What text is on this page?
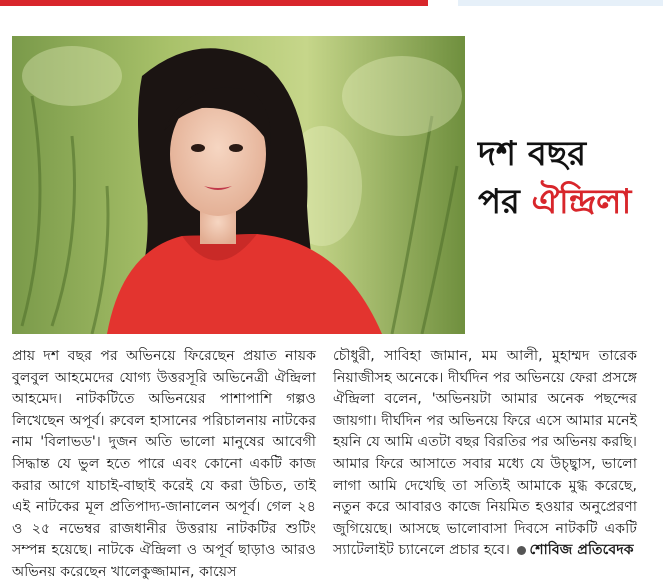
দশ বছর
পর ঐন্দ্রিলা
প্রায় দশ বছর পর অভিনয়ে ফিরেছেন প্রয়াত নায়ক বুলবুল আহমেদের যোগ্য উত্তরসূরি অভিনেত্রী ঐন্দ্রিলা আহমেদ। নাটকটিতে অভিনয়ের পাশাপাশি গল্পও লিখেছেন অপূর্ব। রুবেল হাসানের পরিচালনায় নাটকের নাম 'বিলাভড'। দুজন অতি ভালো মানুষের আবেগী সিদ্ধান্ত যে ভুল হতে পারে এবং কোনো একটি কাজ করার আগে যাচাই-বাছাই করেই যে করা উচিত, তাই এই নাটকের মূল প্রতিপাদ্য-জানালেন অপূর্ব। গেল ২৪ ও ২৫ নভেম্বর রাজধানীর উত্তরায় নাটকটির শুটিং সম্পন্ন হয়েছে। নাটকে ঐন্দ্রিলা ও অপূর্ব ছাড়াও আরও অভিনয় করেছেন খালেকুজ্জামান, কায়েস
চৌধুরী, সাবিহা জামান, মম আলী, মুহাম্মদ তারেক নিয়াজীসহ অনেকে। দীর্ঘদিন পর অভিনয়ে ফেরা প্রসঙ্গে ঐন্দ্রিলা বলেন, 'অভিনয়টা আমার অনেক পছন্দের জায়গা। দীর্ঘদিন পর অভিনয়ে ফিরে এসে আমার মনেই হয়নি যে আমি এতটা বছর বিরতির পর অভিনয় করছি। আমার ফিরে আসাতে সবার মধ্যে যে উচ্ছ্বাস, ভালো লাগা আমি দেখেছি তা সত্যিই আমাকে মুগ্ধ করেছে, নতুন করে আবারও কাজে নিয়মিত হওয়ার অনুপ্রেরণা জুগিয়েছে। আসছে ভালোবাসা দিবসে নাটকটি একটি স্যাটেলাইট চ্যানেলে প্রচার হবে। শোবিজ প্রতিবেদক
